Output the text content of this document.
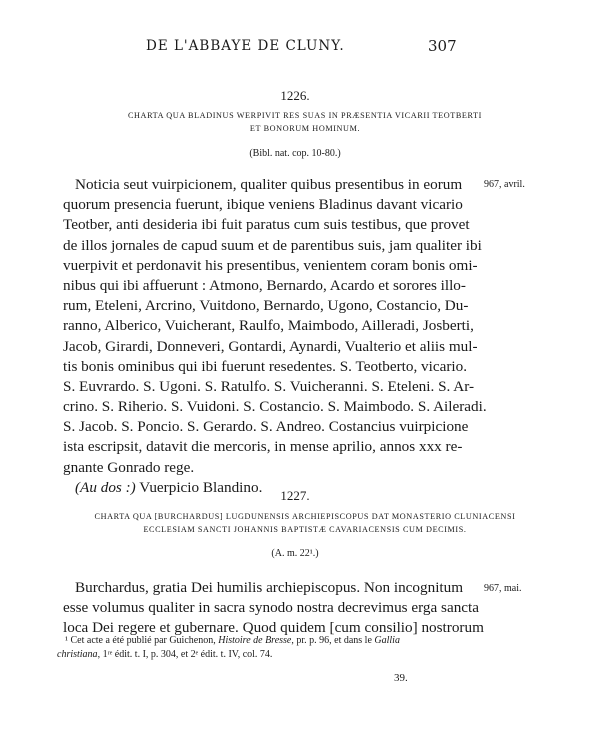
DE L'ABBAYE DE CLUNY.	307
1226.
CHARTA QUA BLADINUS WERPIVIT RES SUAS IN PRÆSENTIA VICARII TEOTBERTI
ET BONORUM HOMINUM.
(Bibl. nat. cop. 10-80.)
967, avril.
Noticia seut vuirpicionem, qualiter quibus presentibus in eorum
quorum presencia fuerunt, ibique veniens Bladinus davant vicario
Teotber, anti desideria ibi fuit paratus cum suis testibus, que provet
de illos jornales de capud suum et de parentibus suis, jam qualiter ibi
vuerpivit et perdonavit his presentibus, venientem coram bonis omi-
nibus qui ibi affuerunt : Atmono, Bernardo, Acardo et sorores illo-
rum, Eteleni, Arcrino, Vuitdono, Bernardo, Ugono, Costancio, Du-
ranno, Alberico, Vuicherant, Raulfo, Maimbodo, Ailleradi, Josberti,
Jacob, Girardi, Donneveri, Gontardi, Aynardi, Vualterio et aliis mul-
tis bonis ominibus qui ibi fuerunt resedentes. S. Teotberto, vicario.
S. Euvrardo. S. Ugoni. S. Ratulfo. S. Vuicheranni. S. Eteleni. S. Ar-
crino. S. Riherio. S. Vuidoni. S. Costancio. S. Maimbodo. S. Aileradi.
S. Jacob. S. Poncio. S. Gerardo. S. Andreo. Costancius vuirpicione
ista escripsit, datavit die mercoris, in mense aprilio, annos xxx re-
gnante Gonrado rege.
(Au dos :) Vuerpicio Blandino.	1227.
CHARTA QUA [BURCHARDUS] LUGDUNENSIS ARCHIEPISCOPUS DAT MONASTERIO CLUNIACENSI
ECCLESIAM SANCTI JOHANNIS BAPTISTÆ CAVARIACENSIS CUM DECIMIS.
(A. m. 22¹.)
967, mai.
Burchardus, gratia Dei humilis archiepiscopus. Non incognitum
esse volumus qualiter in sacra synodo nostra decrevimus erga sancta
loca Dei regere et gubernare. Quod quidem [cum consilio] nostrorum
¹ Cet acte a été publié par Guichenon, Histoire de Bresse, pr. p. 96, et dans le Gallia
christiana, 1ʳᵉ édit. t. I, p. 304, et 2ᵉ édit. t. IV, col. 74.
39.
